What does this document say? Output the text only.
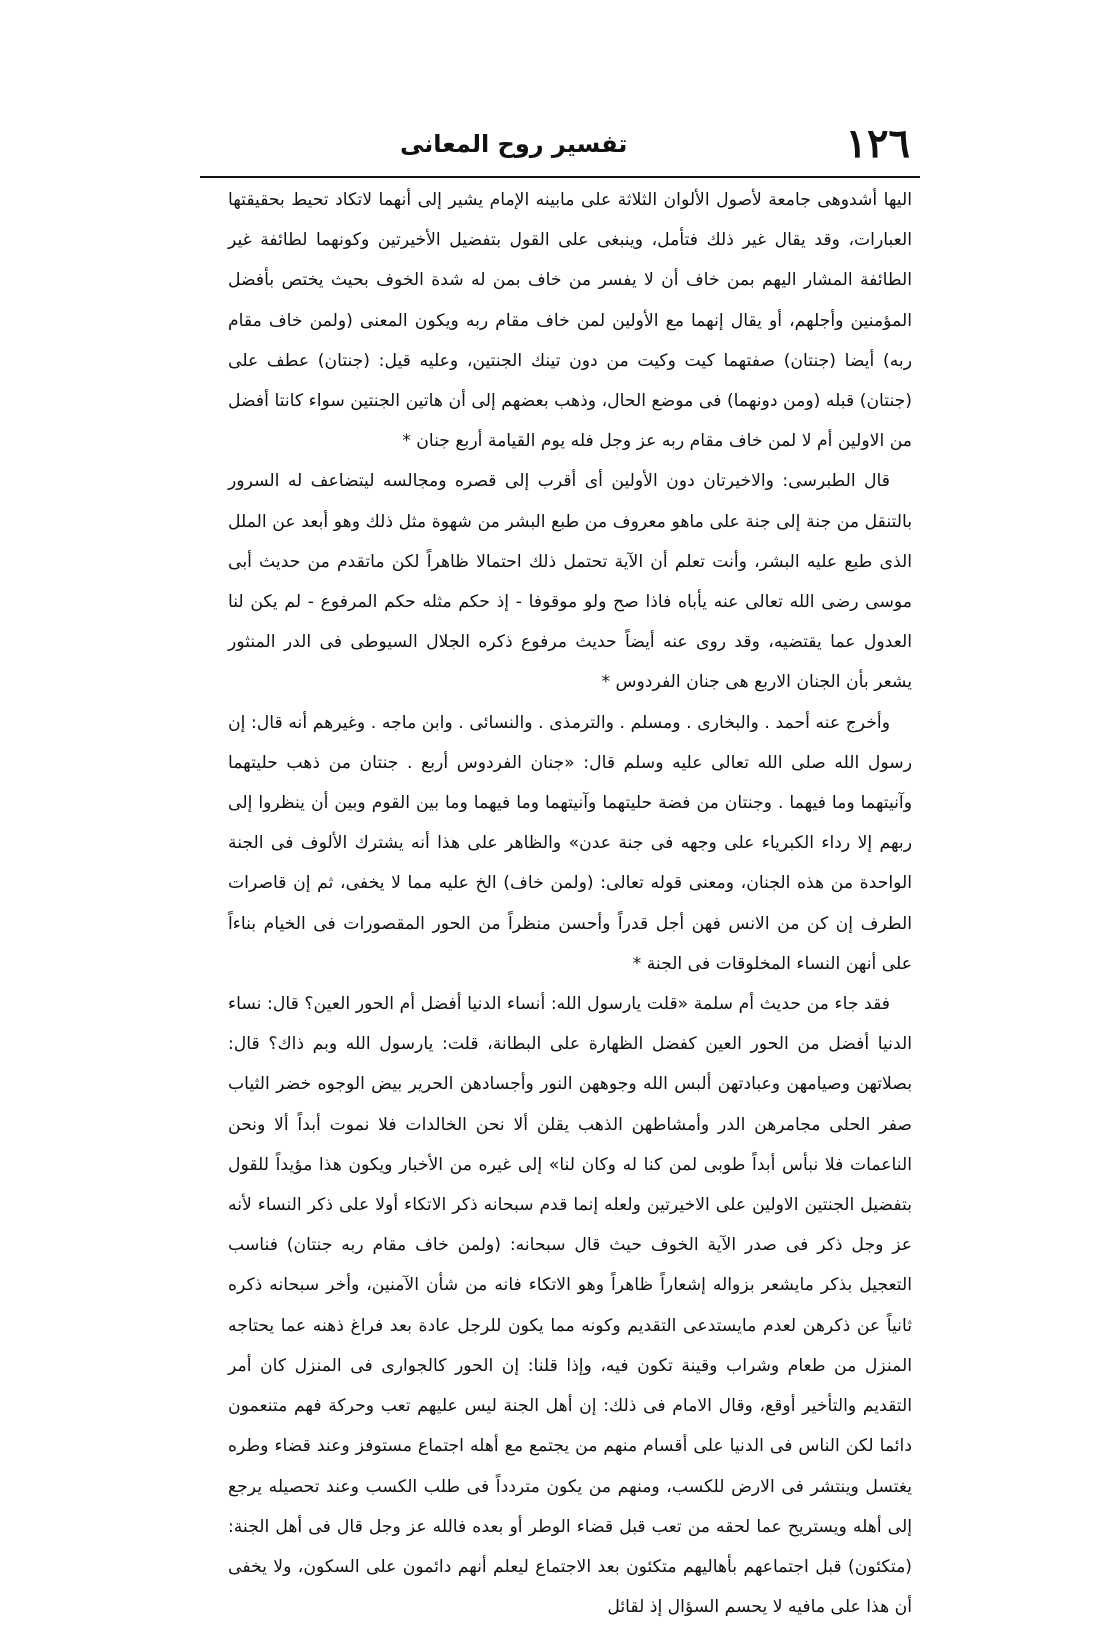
١٢٦
تفسير روح المعانى

اليها أشدوهى جامعة لأصول الألوان الثلاثة على مابينه الإمام يشير إلى أنهما لاتكاد تحيط بحقيقتها العبارات، وقد يقال غير ذلك فتأمل، وينبغى على القول بتفضيل الأخيرتين وكونهما لطائفة غير الطائفة المشار اليهم بمن خاف أن لا يفسر من خاف بمن له شدة الخوف بحيث يختص بأفضل المؤمنين وأجلهم، أو يقال إنهما مع الأولين لمن خاف مقام ربه ويكون المعنى (ولمن خاف مقام ربه) أيضا (جنتان) صفتهما كيت وكيت من دون تينك الجنتين، وعليه قيل: (جنتان) عطف على (جنتان) قبله (ومن دونهما) فى موضع الحال، وذهب بعضهم إلى أن هاتين الجنتين سواء كانتا أفضل من الاولين أم لا لمن خاف مقام ربه عز وجل فله يوم القيامة أربع جنان *

قال الطبرسى: والاخيرتان دون الأولين أى أقرب إلى قصره ومجالسه ليتضاعف له السرور بالتنقل من جنة إلى جنة على ماهو معروف من طبع البشر من شهوة مثل ذلك وهو أبعد عن الملل الذى طبع عليه البشر، وأنت تعلم أن الآية تحتمل ذلك احتمالا ظاهراً لكن ماتقدم من حديث أبى موسى رضى الله تعالى عنه يأباه فاذا صح ولو موقوفا - إذ حكم مثله حكم المرفوع - لم يكن لنا العدول عما يقتضيه، وقد روى عنه أيضاً حديث مرفوع ذكره الجلال السيوطى فى الدر المنثور يشعر بأن الجنان الاربع هى جنان الفردوس *

وأخرج عنه أحمد . والبخارى . ومسلم . والترمذى . والنسائى . وابن ماجه . وغيرهم أنه قال: إن رسول الله صلى الله تعالى عليه وسلم قال: «جنان الفردوس أربع . جنتان من ذهب حليتهما وآنيتهما وما فيهما . وجنتان من فضة حليتهما وآنيتهما وما فيهما وما بين القوم وبين أن ينظروا إلى ربهم إلا رداء الكبرياء على وجهه فى جنة عدن» والظاهر على هذا أنه يشترك الألوف فى الجنة الواحدة من هذه الجنان، ومعنى قوله تعالى: (ولمن خاف) الخ عليه مما لا يخفى، ثم إن قاصرات الطرف إن كن من الانس فهن أجل قدراً وأحسن منظراً من الحور المقصورات فى الخيام بناءاً على أنهن النساء المخلوقات فى الجنة *

فقد جاء من حديث أم سلمة «قلت يارسول الله: أنساء الدنيا أفضل أم الحور العين؟ قال: نساء الدنيا أفضل من الحور العين كفضل الظهارة على البطانة، قلت: يارسول الله وبم ذاك؟ قال: بصلاتهن وصيامهن وعبادتهن ألبس الله وجوههن النور وأجسادهن الحرير بيض الوجوه خضر الثياب صفر الحلى مجامرهن الدر وأمشاطهن الذهب يقلن ألا نحن الخالدات فلا نموت أبداً ألا ونحن الناعمات فلا نبأس أبداً طوبى لمن كنا له وكان لنا» إلى غيره من الأخبار ويكون هذا مؤيداً للقول بتفضيل الجنتين الاولين على الاخيرتين ولعله إنما قدم سبحانه ذكر الاتكاء أولا على ذكر النساء لأنه عز وجل ذكر فى صدر الآية الخوف حيث قال سبحانه: (ولمن خاف مقام ربه جنتان) فناسب التعجيل بذكر مايشعر بزواله إشعاراً ظاهراً وهو الاتكاء فانه من شأن الآمنين، وأخر سبحانه ذكره ثانياً عن ذكرهن لعدم مايستدعى التقديم وكونه مما يكون للرجل عادة بعد فراغ ذهنه عما يحتاجه المنزل من طعام وشراب وقينة تكون فيه، وإذا قلنا: إن الحور كالجوارى فى المنزل كان أمر التقديم والتأخير أوقع، وقال الامام فى ذلك: إن أهل الجنة ليس عليهم تعب وحركة فهم متنعمون دائما لكن الناس فى الدنيا على أقسام منهم من يجتمع مع أهله اجتماع مستوفز وعند قضاء وطره يغتسل وينتشر فى الارض للكسب، ومنهم من يكون متردداً فى طلب الكسب وعند تحصيله يرجع إلى أهله ويستريح عما لحقه من تعب قبل قضاء الوطر أو بعده فالله عز وجل قال فى أهل الجنة: (متكئون) قبل اجتماعهم بأهاليهم متكئون بعد الاجتماع ليعلم أنهم دائمون على السكون، ولا يخفى أن هذا على مافيه لا يحسم السؤال إذ لقائل
